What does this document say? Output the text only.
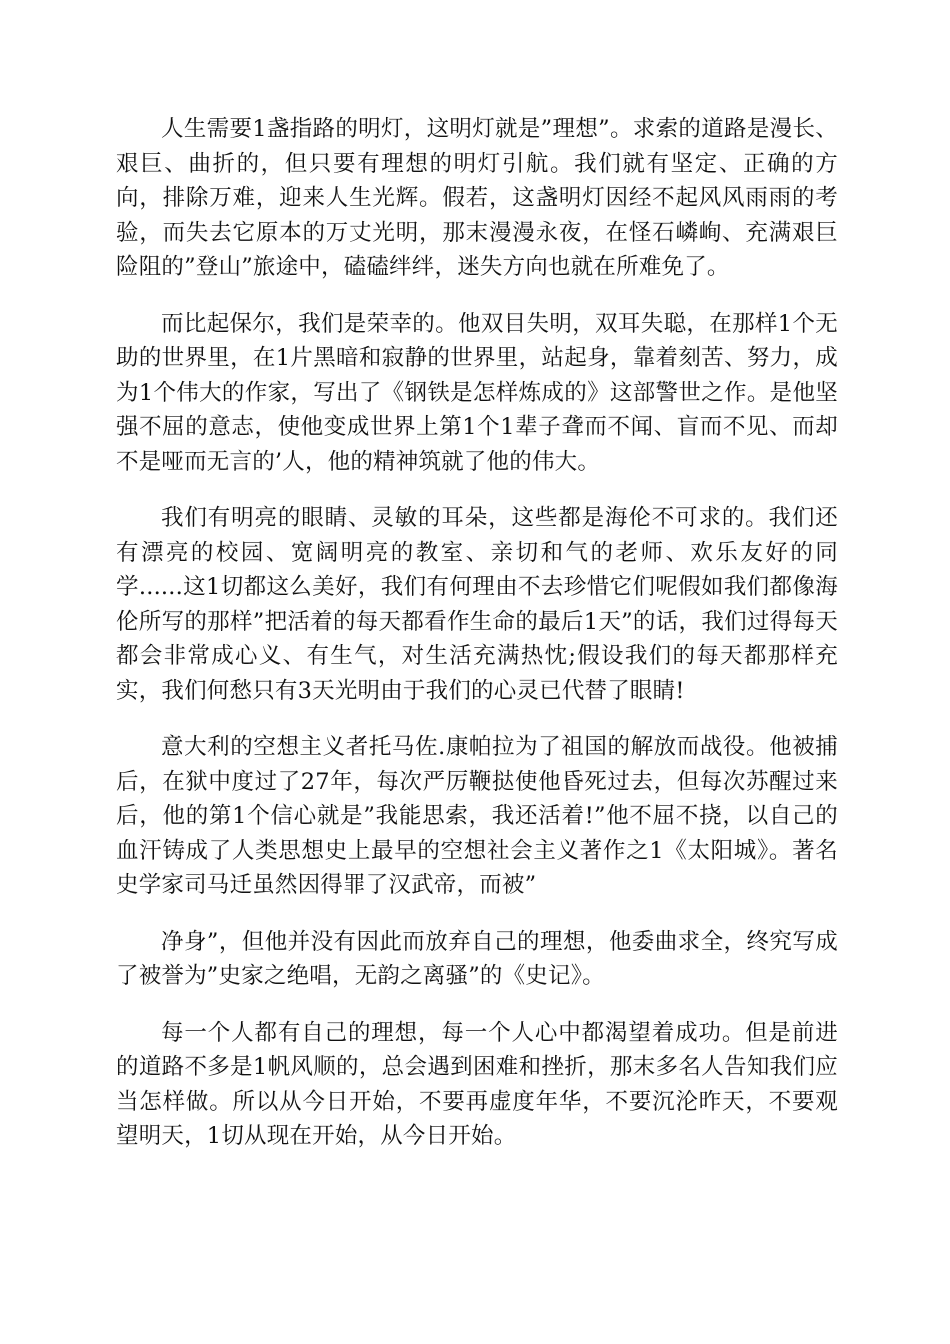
人生需要1盏指路的明灯，这明灯就是”理想”。求索的道路是漫长、艰巨、曲折的，但只要有理想的明灯引航。我们就有坚定、正确的方向，排除万难，迎来人生光辉。假若，这盏明灯因经不起风风雨雨的考验，而失去它原本的万丈光明，那末漫漫永夜，在怪石嶙峋、充满艰巨险阻的”登山”旅途中，磕磕绊绊，迷失方向也就在所难免了。

而比起保尔，我们是荣幸的。他双目失明，双耳失聪，在那样1个无助的世界里，在1片黑暗和寂静的世界里，站起身，靠着刻苦、努力，成为1个伟大的作家，写出了《钢铁是怎样炼成的》这部警世之作。是他坚强不屈的意志，使他变成世界上第1个1辈子聋而不闻、盲而不见、而却不是哑而无言的’人，他的精神筑就了他的伟大。

我们有明亮的眼睛、灵敏的耳朵，这些都是海伦不可求的。我们还有漂亮的校园、宽阔明亮的教室、亲切和气的老师、欢乐友好的同学......这1切都这么美好，我们有何理由不去珍惜它们呢假如我们都像海伦所写的那样”把活着的每天都看作生命的最后1天”的话，我们过得每天都会非常成心义、有生气，对生活充满热忱;假设我们的每天都那样充实，我们何愁只有3天光明由于我们的心灵已代替了眼睛!

意大利的空想主义者托马佐.康帕拉为了祖国的解放而战役。他被捕后，在狱中度过了27年，每次严厉鞭挞使他昏死过去，但每次苏醒过来后，他的第1个信心就是”我能思索，我还活着!”他不屈不挠，以自己的血汗铸成了人类思想史上最早的空想社会主义著作之1《太阳城》。著名史学家司马迁虽然因得罪了汉武帝，而被”

净身”，但他并没有因此而放弃自己的理想，他委曲求全，终究写成了被誉为”史家之绝唱，无韵之离骚”的《史记》。

每一个人都有自己的理想，每一个人心中都渴望着成功。但是前进的道路不多是1帆风顺的，总会遇到困难和挫折，那末多名人告知我们应当怎样做。所以从今日开始，不要再虚度年华，不要沉沦昨天，不要观望明天，1切从现在开始，从今日开始。
